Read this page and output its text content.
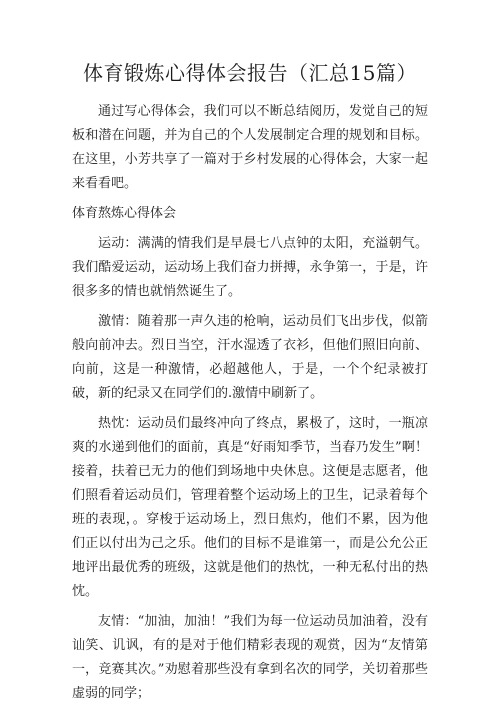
体育锻炼心得体会报告（汇总15篇）

通过写心得体会，我们可以不断总结阅历，发觉自己的短板和潜在问题，并为自己的个人发展制定合理的规划和目标。在这里，小芳共享了一篇对于乡村发展的心得体会，大家一起来看看吧。

体育熬炼心得体会

运动：满满的情我们是早晨七八点钟的太阳，充溢朝气。我们酷爱运动，运动场上我们奋力拼搏，永争第一，于是，许很多多的情也就悄然诞生了。

激情：随着那一声久违的枪响，运动员们飞出步伐，似箭般向前冲去。烈日当空，汗水湿透了衣衫，但他们照旧向前、向前，这是一种激情，必超越他人，于是，一个个纪录被打破，新的纪录又在同学们的.激情中刷新了。

热忱：运动员们最终冲向了终点，累极了，这时，一瓶凉爽的水递到他们的面前，真是“好雨知季节，当春乃发生”啊！接着，扶着已无力的他们到场地中央休息。这便是志愿者，他们照看着运动员们，管理着整个运动场上的卫生，记录着每个班的表现，。穿梭于运动场上，烈日焦灼，他们不累，因为他们正以付出为己之乐。他们的目标不是谁第一，而是公允公正地评出最优秀的班级，这就是他们的热忱，一种无私付出的热忱。

友情：“加油，加油！”我们为每一位运动员加油着，没有讪笑、讥讽，有的是对于他们精彩表现的观赏，因为“友情第一，竞赛其次。”劝慰着那些没有拿到名次的同学，关切着那些虚弱的同学；
